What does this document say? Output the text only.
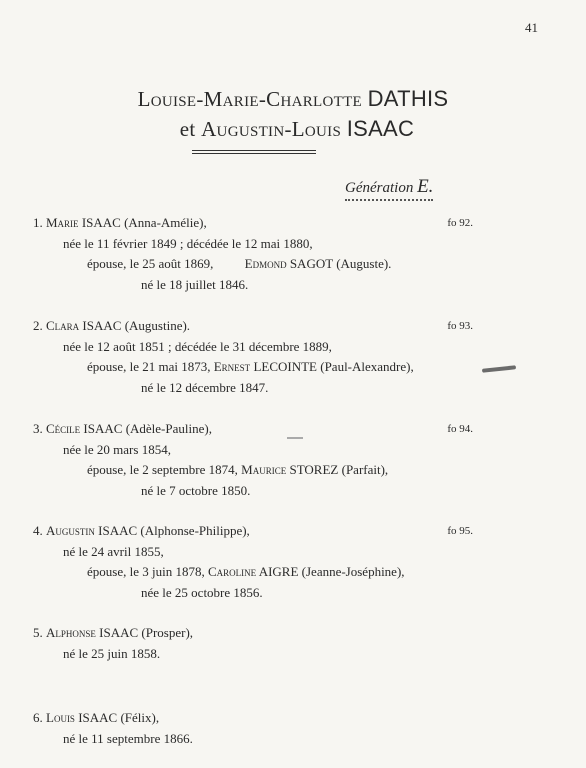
41
Louise-Marie-Charlotte DATHIS
et Augustin-Louis ISAAC
Génération E.
1. Marie ISAAC (Anna-Amélie),	fo 92.
née le 11 février 1849 ; décédée le 12 mai 1880,
épouse, le 25 août 1869, Edmond SAGOT (Auguste).
né le 18 juillet 1846.
2. Clara ISAAC (Augustine).	fo 93.
née le 12 août 1851 ; décédée le 31 décembre 1889,
épouse, le 21 mai 1873, Ernest LECOINTE (Paul-Alexandre),
né le 12 décembre 1847.
3. Cécile ISAAC (Adèle-Pauline),	fo 94.
née le 20 mars 1854,
épouse, le 2 septembre 1874, Maurice STOREZ (Parfait),
né le 7 octobre 1850.
4. Augustin ISAAC (Alphonse-Philippe),	fo 95.
né le 24 avril 1855,
épouse, le 3 juin 1878, Caroline AIGRE (Jeanne-Joséphine),
née le 25 octobre 1856.
5. Alphonse ISAAC (Prosper),
né le 25 juin 1858.
6. Louis ISAAC (Félix),
né le 11 septembre 1866.
